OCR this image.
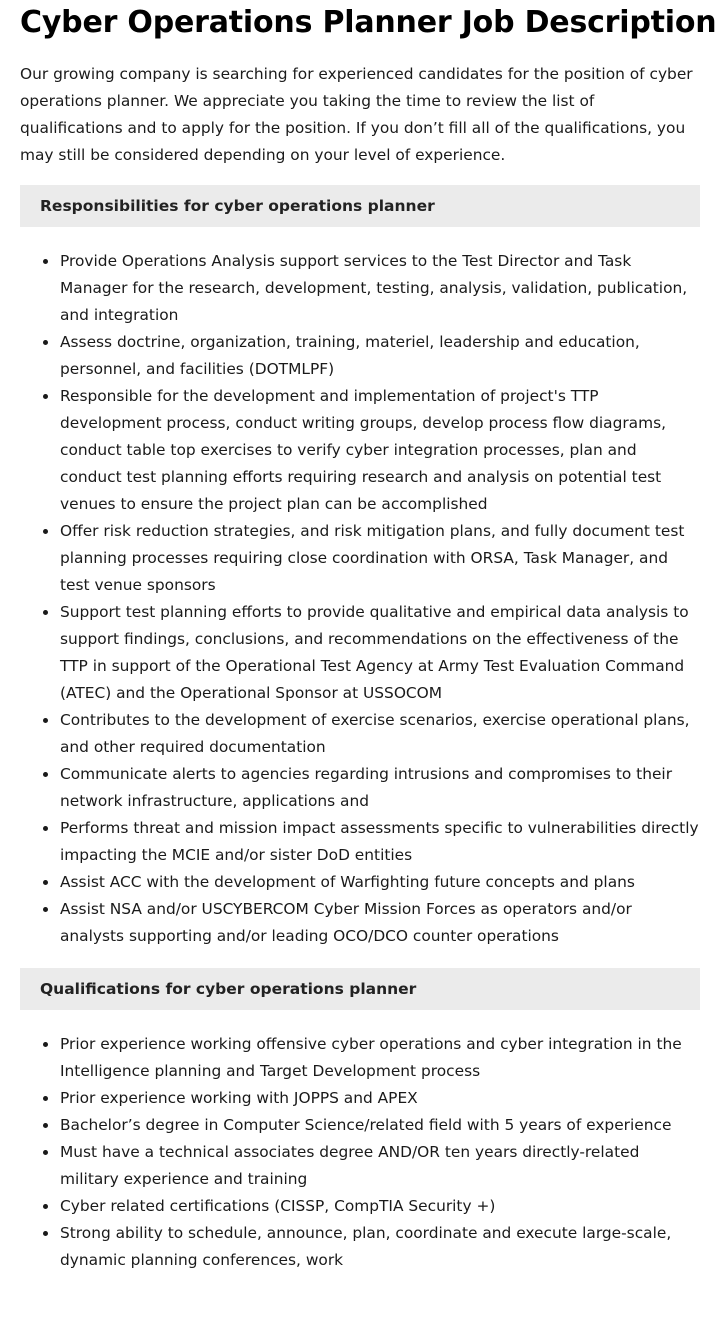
Cyber Operations Planner Job Description

Our growing company is searching for experienced candidates for the position of cyber operations planner. We appreciate you taking the time to review the list of qualifications and to apply for the position. If you don’t fill all of the qualifications, you may still be considered depending on your level of experience.

Responsibilities for cyber operations planner
Provide Operations Analysis support services to the Test Director and Task Manager for the research, development, testing, analysis, validation, publication, and integration
Assess doctrine, organization, training, materiel, leadership and education, personnel, and facilities (DOTMLPF)
Responsible for the development and implementation of project's TTP development process, conduct writing groups, develop process flow diagrams, conduct table top exercises to verify cyber integration processes, plan and conduct test planning efforts requiring research and analysis on potential test venues to ensure the project plan can be accomplished
Offer risk reduction strategies, and risk mitigation plans, and fully document test planning processes requiring close coordination with ORSA, Task Manager, and test venue sponsors
Support test planning efforts to provide qualitative and empirical data analysis to support findings, conclusions, and recommendations on the effectiveness of the TTP in support of the Operational Test Agency at Army Test Evaluation Command (ATEC) and the Operational Sponsor at USSOCOM
Contributes to the development of exercise scenarios, exercise operational plans, and other required documentation
Communicate alerts to agencies regarding intrusions and compromises to their network infrastructure, applications and
Performs threat and mission impact assessments specific to vulnerabilities directly impacting the MCIE and/or sister DoD entities
Assist ACC with the development of Warfighting future concepts and plans
Assist NSA and/or USCYBERCOM Cyber Mission Forces as operators and/or analysts supporting and/or leading OCO/DCO counter operations
Qualifications for cyber operations planner
Prior experience working offensive cyber operations and cyber integration in the Intelligence planning and Target Development process
Prior experience working with JOPPS and APEX
Bachelor’s degree in Computer Science/related field with 5 years of experience
Must have a technical associates degree AND/OR ten years directly-related military experience and training
Cyber related certifications (CISSP, CompTIA Security +)
Strong ability to schedule, announce, plan, coordinate and execute large-scale, dynamic planning conferences, work
